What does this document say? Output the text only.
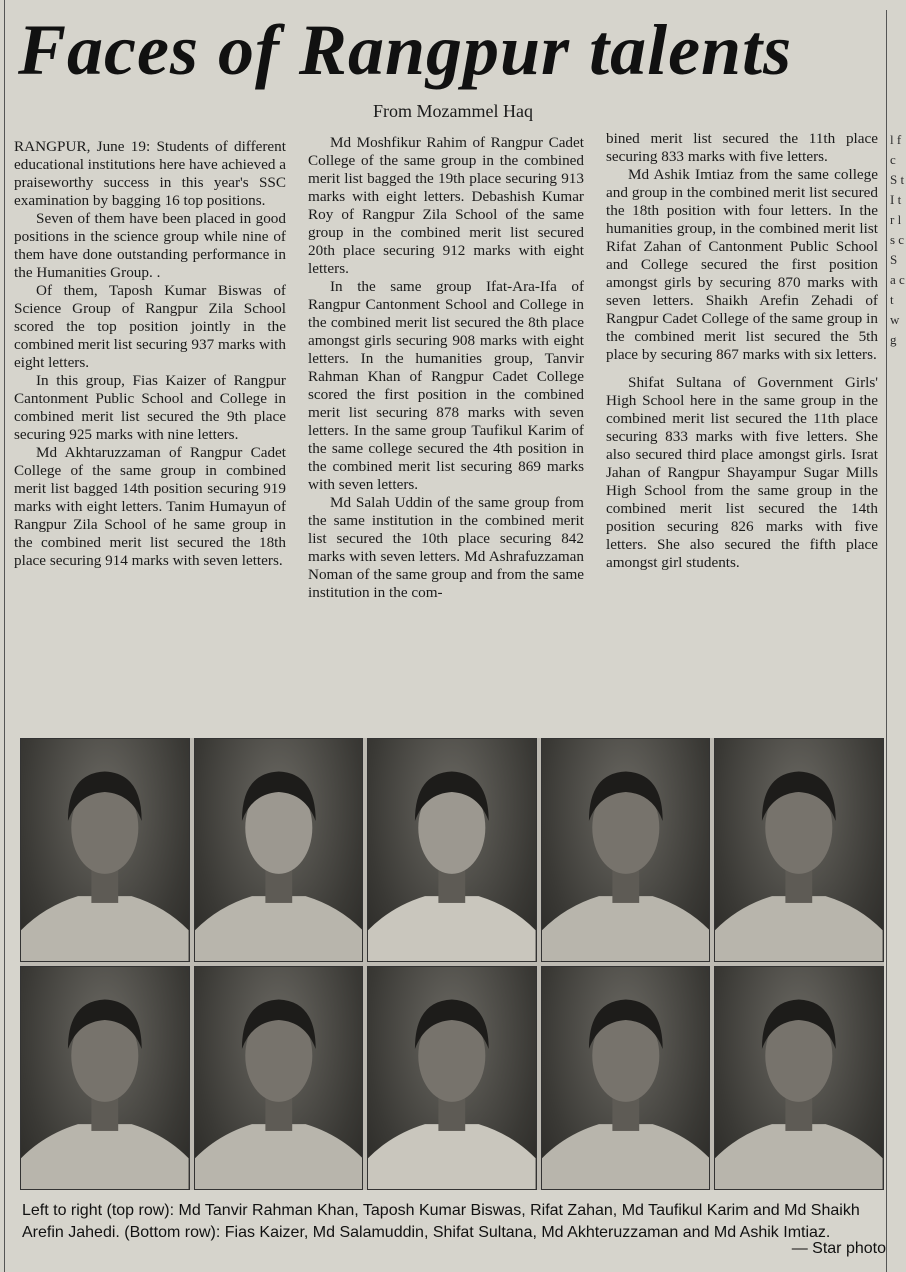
Faces of Rangpur talents

From Mozammel Haq

RANGPUR, June 19: Students of different educational institutions here have achieved a praiseworthy success in this year's SSC examination by bagging 16 top positions.

Seven of them have been placed in good positions in the science group while nine of them have done outstanding performance in the Humanities Group. .

Of them, Taposh Kumar Biswas of Science Group of Rangpur Zila School scored the top position jointly in the combined merit list securing 937 marks with eight letters.

In this group, Fias Kaizer of Rangpur Cantonment Public School and College in combined merit list secured the 9th place securing 925 marks with nine letters.

Md Akhtaruzzaman of Rangpur Cadet College of the same group in combined merit list bagged 14th position securing 919 marks with eight letters. Tanim Humayun of Rangpur Zila School of he same group in the combined merit list secured the 18th place securing 914 marks with seven letters.

Md Moshfikur Rahim of Rangpur Cadet College of the same group in the combined merit list bagged the 19th place securing 913 marks with eight letters. Debashish Kumar Roy of Rangpur Zila School of the same group in the combined merit list secured 20th place securing 912 marks with eight letters.

In the same group Ifat-Ara-Ifa of Rangpur Cantonment School and College in the combined merit list secured the 8th place amongst girls securing 908 marks with eight letters. In the humanities group, Tanvir Rahman Khan of Rangpur Cadet College scored the first position in the combined merit list securing 878 marks with seven letters. In the same group Taufikul Karim of the same college secured the 4th position in the combined merit list securing 869 marks with seven letters.

Md Salah Uddin of the same group from the same institution in the combined merit list secured the 10th place securing 842 marks with seven letters. Md Ashrafuzzaman Noman of the same group and from the same institution in the com-

bined merit list secured the 11th place securing 833 marks with five letters.

Md Ashik Imtiaz from the same college and group in the combined merit list secured the 18th position with four letters. In the humanities group, in the combined merit list Rifat Zahan of Cantonment Public School and College secured the first position amongst girls by securing 870 marks with seven letters. Shaikh Arefin Zehadi of Rangpur Cadet College of the same group in the combined merit list secured the 5th place by securing 867 marks with six letters.

Shifat Sultana of Government Girls' High School here in the same group in the combined merit list secured the 11th place securing 833 marks with five letters. She also secured third place amongst girls. Israt Jahan of Rangpur Shayampur Sugar Mills High School from the same group in the combined merit list secured the 14th position securing 826 marks with five letters. She also secured the fifth place amongst girl students.

l f c S t I t r l s c S a c t w g
Left to right (top row): Md Tanvir Rahman Khan, Taposh Kumar Biswas, Rifat Zahan, Md Taufikul Karim and Md Shaikh Arefin Jahedi. (Bottom row): Fias Kaizer, Md Salamuddin, Shifat Sultana, Md Akhteruzzaman and Md Ashik Imtiaz.
— Star photo
